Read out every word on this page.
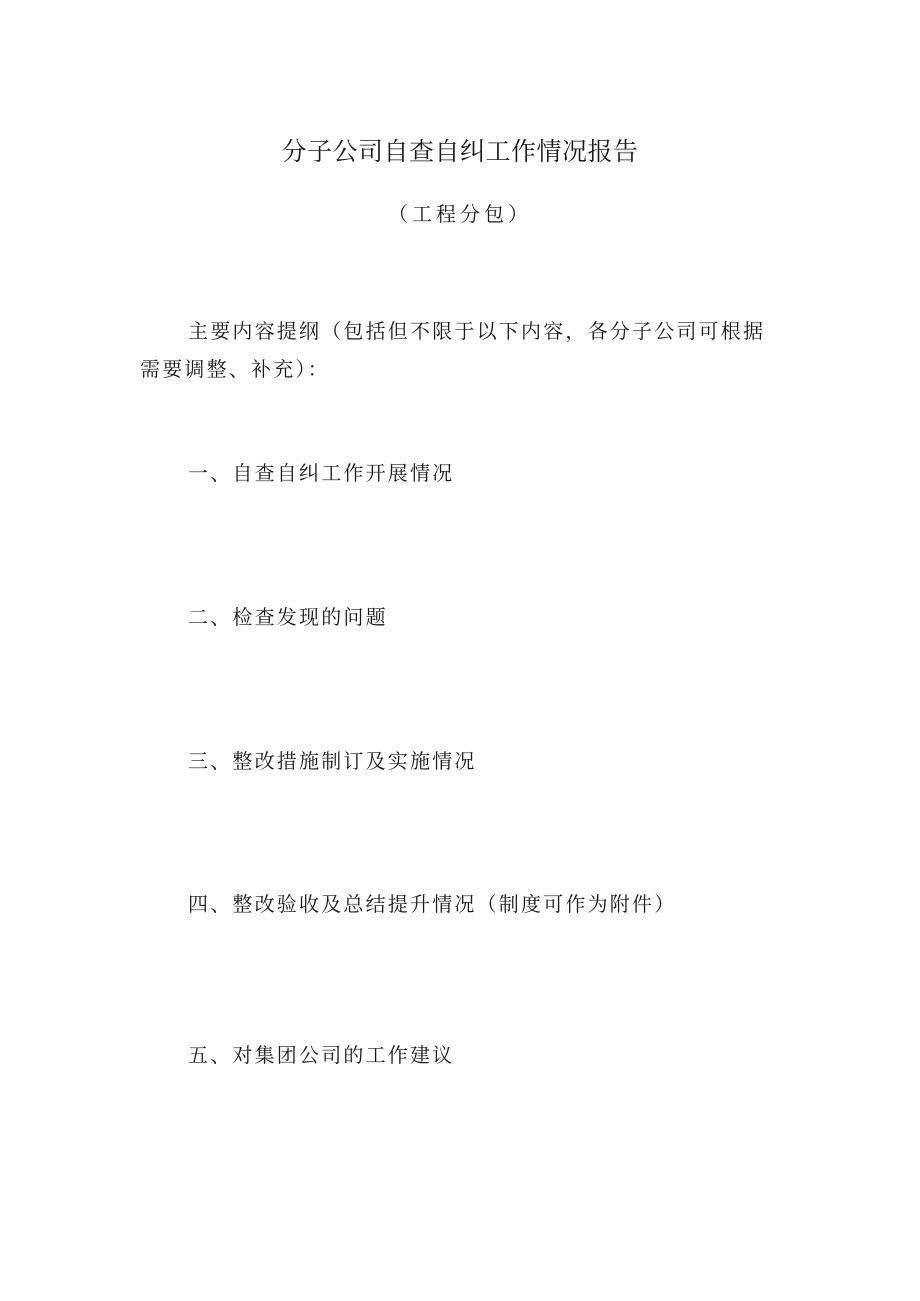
分子公司自查自纠工作情况报告
（工程分包）

主要内容提纲（包括但不限于以下内容，各分子公司可根据需要调整、补充）：

一、自查自纠工作开展情况
二、检查发现的问题
三、整改措施制订及实施情况
四、整改验收及总结提升情况（制度可作为附件）
五、对集团公司的工作建议
